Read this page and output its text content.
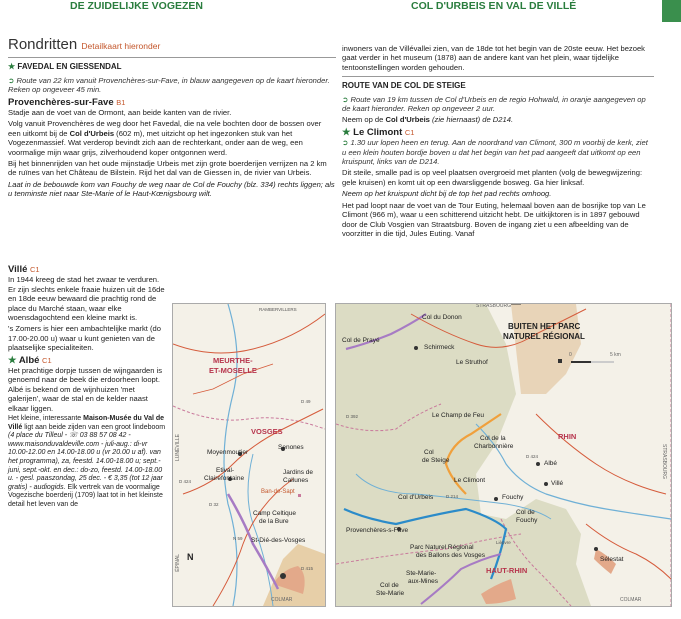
DE ZUIDELIJKE VOGEZEN	COL D'URBEIS EN VAL DE VILLÉ
Rondritten Detailkaart hieronder
★ FAVEDAL EN GIESSENDAL

➲ Route van 22 km vanuit Provenchères-sur-Fave, in blauw aangegeven op de kaart hieronder. Reken op ongeveer 45 min.

Provenchères-sur-Fave B1

Stadje aan de voet van de Ormont, aan beide kanten van de rivier.

Volg vanuit Provenchères de weg door het Favedal, die na vele bochten door de bossen over een uitkomt bij de Col d'Urbeis (602 m), met uitzicht op het ingezonken stuk van het Vogezenmassief. Wat verderop bevindt zich aan de rechterkant, onder aan de weg, een voormalige mijn waar grijs, zilverhoudend koper ontgonnen werd.

Bij het binnenrijden van het oude mijnstadje Urbeis met zijn grote boerderijen verrijzen na 2 km de ruïnes van het Château de Bilstein. Rijd het dal van de Giessen in, de rivier van Urbeis.

Laat in de bebouwde kom van Fouchy de weg naar de Col de Fouchy (blz. 334) rechts liggen; als u tenminste niet naar Ste-Marie of le Haut-Kœnigsbourg wilt.

Villé C1

In 1944 kreeg de stad het zwaar te verduren. Er zijn slechts enkele fraaie huizen uit de 16de en 18de eeuw bewaard die prachtig rond de place du Marché staan, waar elke woensdagochtend een kleine markt is.

's Zomers is hier een ambachtelijke markt (do 17.00-20.00 u) waar u kunt genieten van de plaatselijke specialiteiten.

★ Albé C1

Het prachtige dorpje tussen de wijngaarden is genoemd naar de beek die erdoorheen loopt. Albé is bekend om de wijnhuizen 'met galerijen', waar de stal en de kelder naast elkaar liggen.

Het kleine, interessante Maison-Musée du Val de Villé ligt aan beide zijden van een groot lindeboom (4 place du Tilleul - ☏ 03 88 57 08 42 - www.maisonduvaldeville.com - juli-aug.: di-vr 10.00-12.00 en 14.00-18.00 u (vr 20.00 u af). van het programma), za, feestd. 14.00-18.00 u; sept.-juni, sept.-okt. en dec.: do-zo, feestd. 14.00-18.00 u. - gesl. paaszondag, 25 dec. - € 3,35 (tot 12 jaar gratis) - audiogids. Elk vertrek van de voormalige Vogezische boerderij (1709) laat tot in het kleinste detail het leven van de

MEURTHE-
ET-MOSELLE
VOSGES
Moyenmoutier
Etival-
Clairefontaine
Senones
Jardins de
Callunes
Ban-de-Sapt
Camp Celtique
de la Bure
St-Dié-des-Vosges
LUNÉVILLE
ÉPINAL
COLMAR
N
RAMBERVILLERS
D 424
D 32
D 49
N 59
D 415

inwoners van de Villévallei zien, van de 18de tot het begin van de 20ste eeuw. Het bezoek gaat verder in het museum (1878) aan de andere kant van het plein, waar tijdelijke tentoonstellingen worden gehouden.

ROUTE VAN DE COL DE STEIGE

➲ Route van 19 km tussen de Col d'Urbeis en de regio Hohwald, in oranje aangegeven op de kaart hieronder. Reken op ongeveer 2 uur.

Neem op de Col d'Urbeis (zie hiernaast) de D214.

★ Le Climont C1

➲ 1.30 uur lopen heen en terug. Aan de noordrand van Climont, 300 m voorbij de kerk, ziet u een klein houten bordje boven u dat het begin van het pad aangeeft dat uitkomt op een kruispunt, links van de D214.

Dit steile, smalle pad is op veel plaatsen overgroeid met planten (volg de bewegwijzering: gele kruisen) en komt uit op een dwarsliggende bosweg. Ga hier linksaf.

Neem op het kruispunt dicht bij de top het pad rechts omhoog.

Het pad loopt naar de voet van de Tour Euting, helemaal boven aan de bosrijke top van Le Climont (966 m), waar u een schitterend uitzicht hebt. De uitkijktoren is in 1897 gebouwd door de Club Vosgien van Straatsburg. Boven de ingang ziet u een afbeelding van de voorzitter in die tijd, Jules Euting. Vanaf

BUITEN HET PARC
NATUREL RÉGIONAL
0	5 km
STRASBOURG
Col du Donon
Col de Prayé
Schirmeck
Le Struthof
Le Champ de Feu
Col de la
Charbonnière
RHIN
Col
de Steige	Albé
Le Climont	Villé
Col d'Urbeis	Fouchy
Col de
Fouchy
Provenchères-s-Fave
Parc Naturel Régional
des Ballons des Vosges
Ste-Marie-
aux-Mines
Col de
Ste-Marie
HAUT-RHIN
Sélestat
COLMAR
STRASBOURG
D 214
D 424
Lièpvre
D 392
